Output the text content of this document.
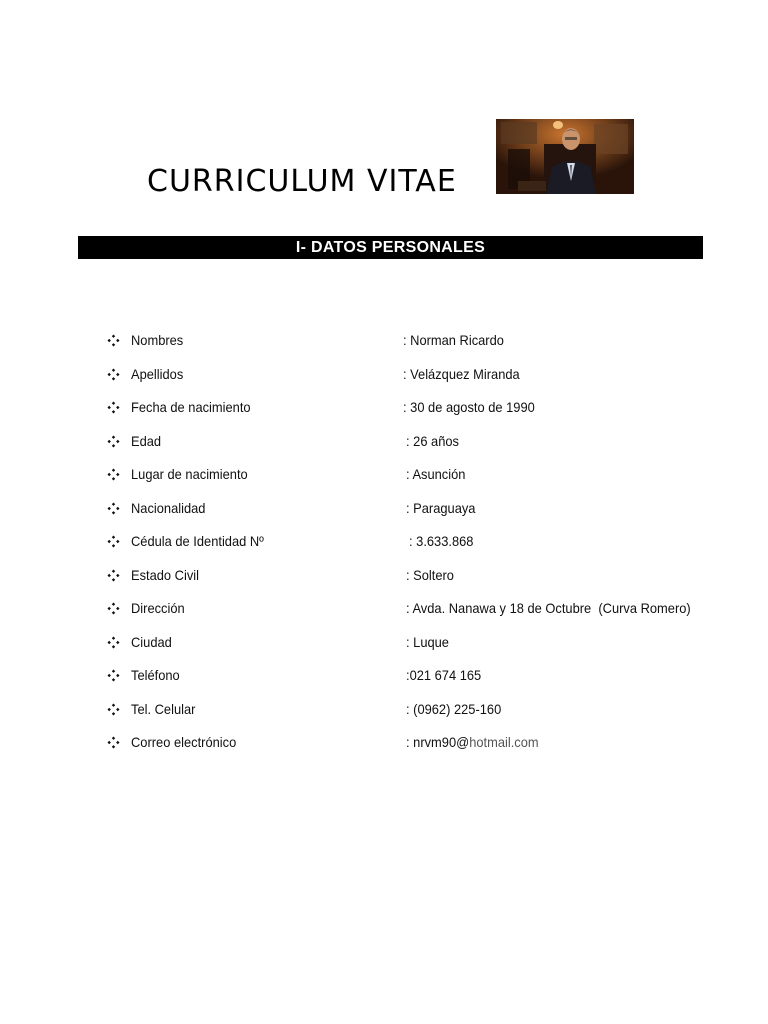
CURRICULUM VITAE
I- DATOS PERSONALES
Nombres	: Norman Ricardo
Apellidos	: Velázquez Miranda
Fecha de nacimiento	: 30 de agosto de 1990
Edad	: 26 años
Lugar de nacimiento	: Asunción
Nacionalidad	: Paraguaya
Cédula de Identidad Nº	: 3.633.868
Estado Civil	: Soltero
Dirección	: Avda. Nanawa y 18 de Octubre  (Curva Romero)
Ciudad	: Luque
Teléfono	:021 674 165
Tel. Celular	: (0962) 225-160
Correo electrónico	: nrvm90@hotmail.com
